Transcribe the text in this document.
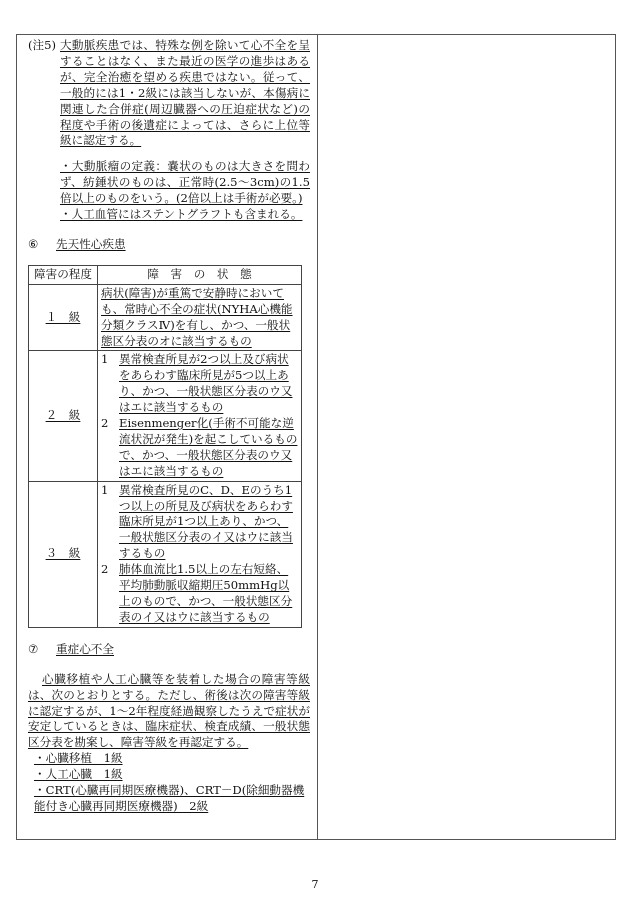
(注5) 大動脈疾患では、特殊な例を除いて心不全を呈することはなく、また最近の医学の進歩はあるが、完全治癒を望める疾患ではない。従って、一般的には1・2級には該当しないが、本傷病に関連した合併症(周辺臓器への圧迫症状など)の程度や手術の後遺症によっては、さらに上位等級に認定する。

・大動脈瘤の定義：嚢状のものは大きさを問わず、紡錘状のものは、正常時(2.5～3cm)の1.5倍以上のものをいう。(2倍以上は手術が必要。)

・人工血管にはステントグラフトも含まれる。

⑥ 先天性心疾患
障害の程度	障　害　の　状　態
１　級	病状(障害)が重篤で安静時においても、常時心不全の症状(NYHA心機能分類クラスⅣ)を有し、かつ、一般状態区分表のオに該当するもの

２　級	1 異常検査所見が2つ以上及び病状をあらわす臨床所見が5つ以上あり、かつ、一般状態区分表のウ又はエに該当するもの
2 Eisenmenger化(手術不可能な逆流状況が発生)を起こしているもので、かつ、一般状態区分表のウ又はエに該当するもの

３　級	1 異常検査所見のC、D、Eのうち1つ以上の所見及び病状をあらわす臨床所見が1つ以上あり、かつ、一般状態区分表のイ又はウに該当するもの
2 肺体血流比1.5以上の左右短絡、平均肺動脈収縮期圧50mmHg以上のもので、かつ、一般状態区分表のイ又はウに該当するもの
⑦ 重症心不全
心臓移植や人工心臓等を装着した場合の障害等級は、次のとおりとする。ただし、術後は次の障害等級に認定するが、1～2年程度経過観察したうえで症状が安定しているときは、臨床症状、検査成績、一般状態区分表を勘案し、障害等級を再認定する。
・心臓移植　1級
・人工心臓　1級
・CRT(心臓再同期医療機器)、CRT－D(除細動器機能付き心臓再同期医療機器)　2級
7
